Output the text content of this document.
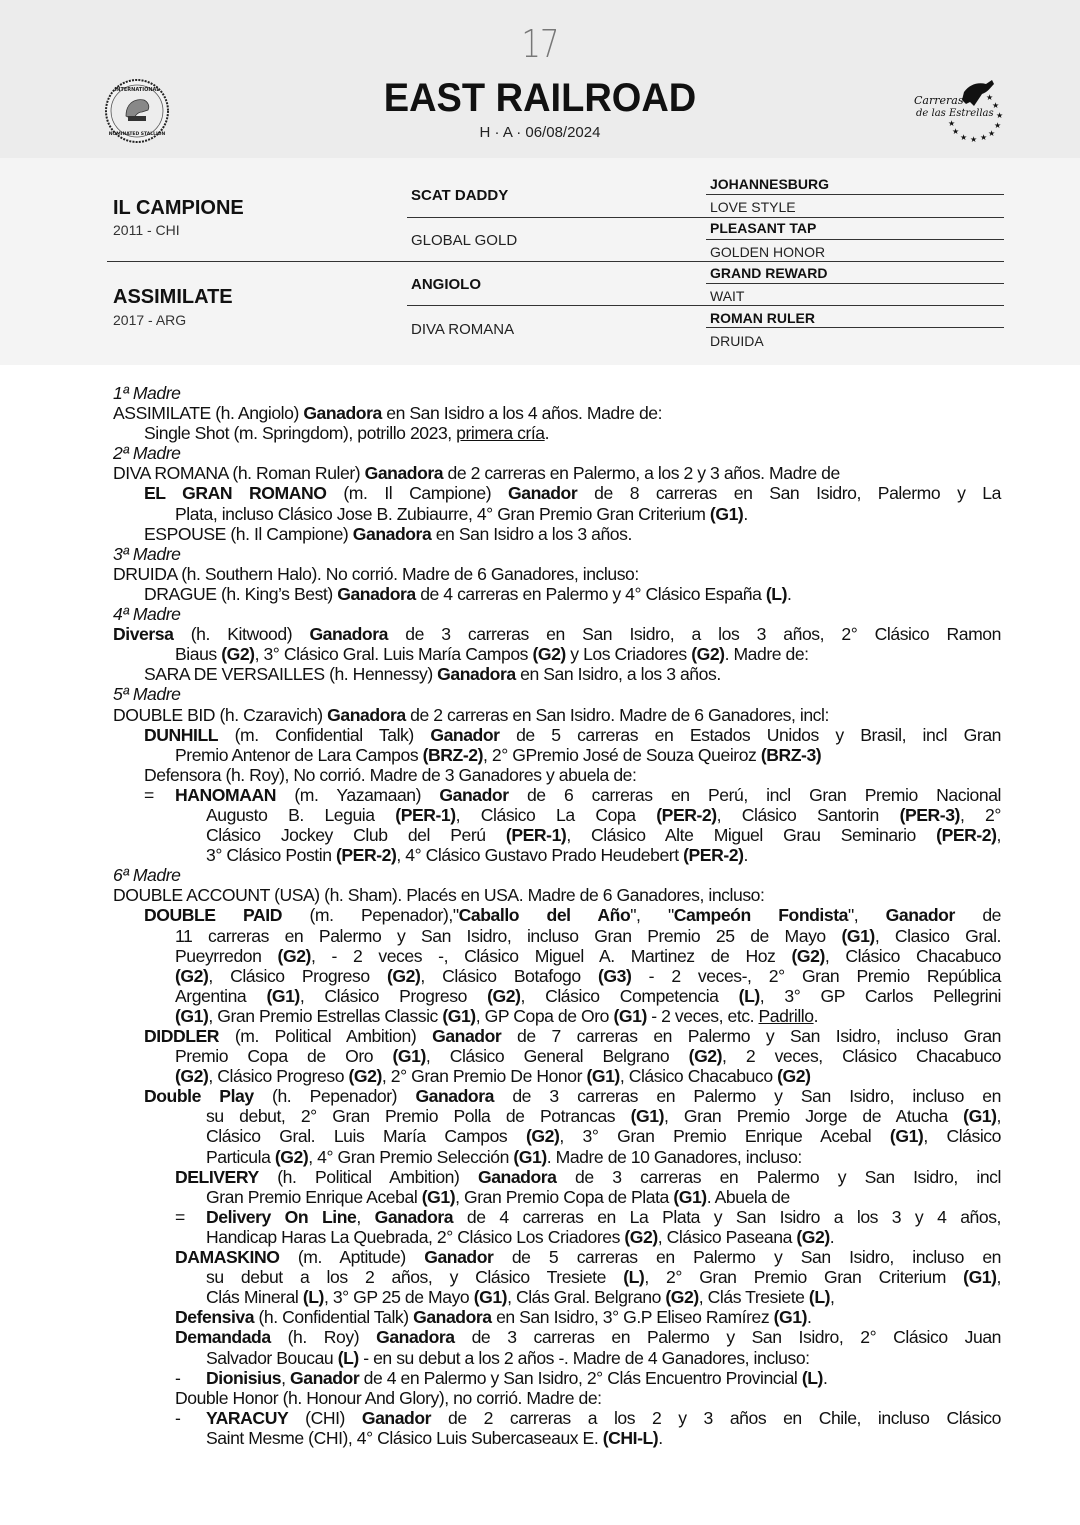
INTERNATIONAL
NOMINATED STALLION
Carreras
de las Estrellas
★
★
★
★
★
★
★
★
★
★
17
EAST RAILROAD
H · A · 06/08/2024
IL CAMPIONE
2011 - CHI
ASSIMILATE
2017 - ARG
SCAT DADDY
GLOBAL GOLD
ANGIOLO
DIVA ROMANA
JOHANNESBURG
LOVE STYLE
PLEASANT TAP
GOLDEN HONOR
GRAND REWARD
WAIT
ROMAN RULER
DRUIDA
1ª Madre
ASSIMILATE (h. Angiolo) Ganadora en San Isidro a los 4 años. Madre de:
Single Shot (m. Springdom), potrillo 2023, primera cría.
2ª Madre
DIVA ROMANA (h. Roman Ruler) Ganadora de 2 carreras en Palermo, a los 2 y 3 años. Madre de
EL GRAN ROMANO (m. Il Campione) Ganador de 8 carreras en San Isidro, Palermo y La
Plata, incluso Clásico Jose B. Zubiaurre, 4° Gran Premio Gran Criterium (G1).
ESPOUSE (h. Il Campione) Ganadora en San Isidro a los 3 años.
3ª Madre
DRUIDA (h. Southern Halo). No corrió. Madre de 6 Ganadores, incluso:
DRAGUE (h. King’s Best) Ganadora de 4 carreras en Palermo y 4° Clásico España (L).
4ª Madre
Diversa (h. Kitwood) Ganadora de 3 carreras en San Isidro, a los 3 años, 2° Clásico Ramon
Biaus (G2), 3° Clásico Gral. Luis María Campos (G2) y Los Criadores (G2). Madre de:
SARA DE VERSAILLES (h. Hennessy) Ganadora en San Isidro, a los 3 años.
5ª Madre
DOUBLE BID (h. Czaravich) Ganadora de 2 carreras en San Isidro. Madre de 6 Ganadores, incl:
DUNHILL (m. Confidential Talk) Ganador de 5 carreras en Estados Unidos y Brasil, incl Gran
Premio Antenor de Lara Campos (BRZ-2), 2° GPremio José de Souza Queiroz (BRZ-3)
Defensora (h. Roy), No corrió. Madre de 3 Ganadores y abuela de:
= HANOMAAN (m. Yazamaan) Ganador de 6 carreras en Perú, incl Gran Premio Nacional
Augusto B. Leguia (PER-1), Clásico La Copa (PER-2), Clásico Santorin (PER-3), 2°
Clásico Jockey Club del Perú (PER-1), Clásico Alte Miguel Grau Seminario (PER-2),
3° Clásico Postin (PER-2), 4° Clásico Gustavo Prado Heudebert (PER-2).
6ª Madre
DOUBLE ACCOUNT (USA) (h. Sham). Placés en USA. Madre de 6 Ganadores, incluso:
DOUBLE PAID (m. Pepenador),"Caballo del Año", "Campeón Fondista", Ganador de
11 carreras en Palermo y San Isidro, incluso Gran Premio 25 de Mayo (G1), Clasico Gral.
Pueyrredon (G2), - 2 veces -, Clásico Miguel A. Martinez de Hoz (G2), Clásico Chacabuco
(G2), Clásico Progreso (G2), Clásico Botafogo (G3) - 2 veces-, 2° Gran Premio República
Argentina (G1), Clásico Progreso (G2), Clásico Competencia (L), 3° GP Carlos Pellegrini
(G1), Gran Premio Estrellas Classic (G1), GP Copa de Oro (G1) - 2 veces, etc. Padrillo.
DIDDLER (m. Political Ambition) Ganador de 7 carreras en Palermo y San Isidro, incluso Gran
Premio Copa de Oro (G1), Clásico General Belgrano (G2), 2 veces, Clásico Chacabuco
(G2), Clásico Progreso (G2), 2° Gran Premio De Honor (G1), Clásico Chacabuco (G2)
Double Play (h. Pepenador) Ganadora de 3 carreras en Palermo y San Isidro, incluso en
su debut, 2° Gran Premio Polla de Potrancas (G1), Gran Premio Jorge de Atucha (G1),
Clásico Gral. Luis María Campos (G2), 3° Gran Premio Enrique Acebal (G1), Clásico
Particula (G2), 4° Gran Premio Selección (G1). Madre de 10 Ganadores, incluso:
DELIVERY (h. Political Ambition) Ganadora de 3 carreras en Palermo y San Isidro, incl
Gran Premio Enrique Acebal (G1), Gran Premio Copa de Plata (G1). Abuela de
= Delivery On Line, Ganadora de 4 carreras en La Plata y San Isidro a los 3 y 4 años,
Handicap Haras La Quebrada, 2° Clásico Los Criadores (G2), Clásico Paseana (G2).
DAMASKINO (m. Aptitude) Ganador de 5 carreras en Palermo y San Isidro, incluso en
su debut a los 2 años, y Clásico Tresiete (L), 2° Gran Premio Gran Criterium (G1),
Clás Mineral (L), 3° GP 25 de Mayo (G1), Clás Gral. Belgrano (G2), Clás Tresiete (L),
Defensiva (h. Confidential Talk) Ganadora en San Isidro, 3° G.P Eliseo Ramírez (G1).
Demandada (h. Roy) Ganadora de 3 carreras en Palermo y San Isidro, 2° Clásico Juan
Salvador Boucau (L) - en su debut a los 2 años -. Madre de 4 Ganadores, incluso:
- Dionisius, Ganador de 4 en Palermo y San Isidro, 2° Clás Encuentro Provincial (L).
Double Honor (h. Honour And Glory), no corrió. Madre de:
- YARACUY (CHI) Ganador de 2 carreras a los 2 y 3 años en Chile, incluso Clásico
Saint Mesme (CHI), 4° Clásico Luis Subercaseaux E. (CHI-L).
